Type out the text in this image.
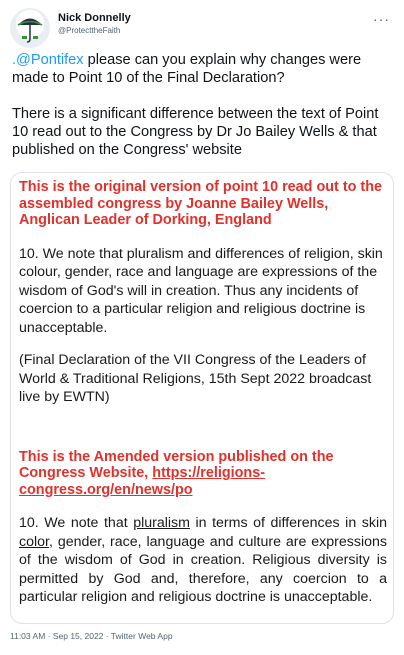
Nick Donnelly
@ProtecttheFaith
···

.@Pontifex please can you explain why changes were made to Point 10 of the Final Declaration?

There is a significant difference between the text of Point 10 read out to the Congress by Dr Jo Bailey Wells & that published on the Congress' website

This is the original version of point 10 read out to the assembled congress by Joanne Bailey Wells, Anglican Leader of Dorking, England

10. We note that pluralism and differences of religion, skin colour, gender, race and language are expressions of the wisdom of God's will in creation. Thus any incidents of coercion to a particular religion and religious doctrine is unacceptable.

(Final Declaration of the VII Congress of the Leaders of World & Traditional Religions, 15th Sept 2022 broadcast live by EWTN)

This is the Amended version published on the Congress Website, https://religions-congress.org/en/news/po

10. We note that pluralism in terms of differences in skin color, gender, race, language and culture are expressions of the wisdom of God in creation. Religious diversity is permitted by God and, therefore, any coercion to a particular religion and religious doctrine is unacceptable.

11:03 AM · Sep 15, 2022 · Twitter Web App
